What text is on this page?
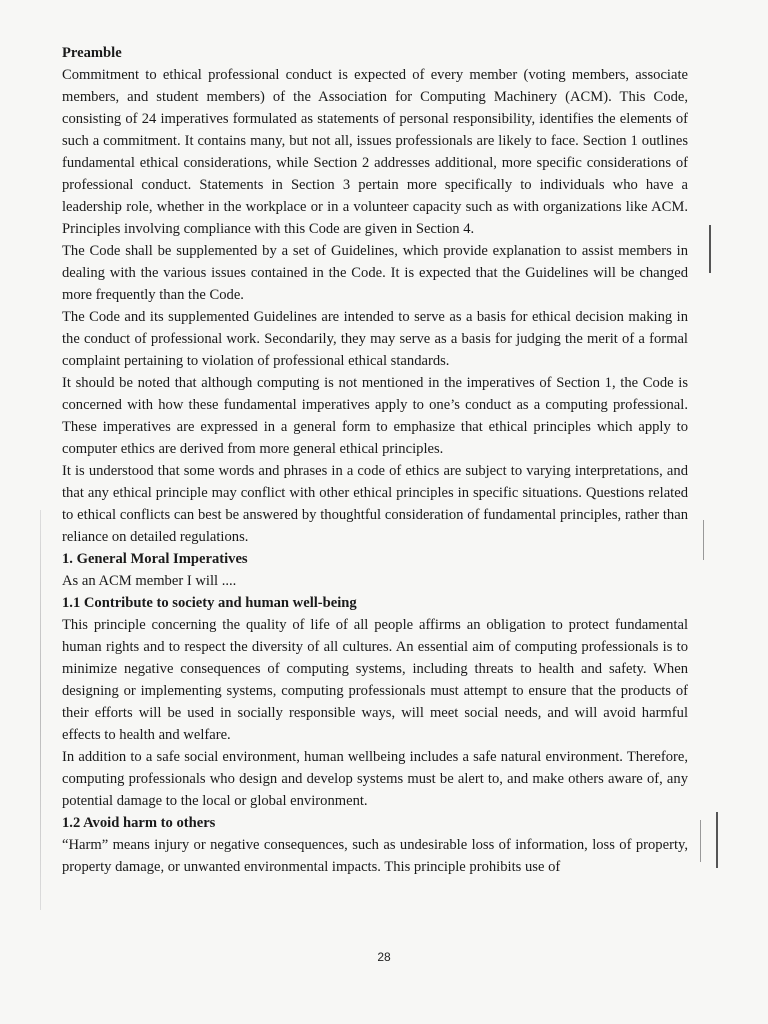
Preamble

Commitment to ethical professional conduct is expected of every member (voting members, associate members, and student members) of the Association for Computing Machinery (ACM). This Code, consisting of 24 imperatives formulated as statements of personal responsibility, identifies the elements of such a commitment. It contains many, but not all, issues professionals are likely to face. Section 1 outlines fundamental ethical considerations, while Section 2 addresses additional, more specific considerations of professional conduct. Statements in Section 3 pertain more specifically to individuals who have a leadership role, whether in the workplace or in a volunteer capacity such as with organizations like ACM. Principles involving compliance with this Code are given in Section 4.

The Code shall be supplemented by a set of Guidelines, which provide explanation to assist members in dealing with the various issues contained in the Code. It is expected that the Guidelines will be changed more frequently than the Code.

The Code and its supplemented Guidelines are intended to serve as a basis for ethical decision making in the conduct of professional work. Secondarily, they may serve as a basis for judging the merit of a formal complaint pertaining to violation of professional ethical standards.

It should be noted that although computing is not mentioned in the imperatives of Section 1, the Code is concerned with how these fundamental imperatives apply to one’s conduct as a computing professional. These imperatives are expressed in a general form to emphasize that ethical principles which apply to computer ethics are derived from more general ethical principles.

It is understood that some words and phrases in a code of ethics are subject to varying interpretations, and that any ethical principle may conflict with other ethical principles in specific situations. Questions related to ethical conflicts can best be answered by thoughtful consideration of fundamental principles, rather than reliance on detailed regulations.

1. General Moral Imperatives
As an ACM member I will ....
1.1 Contribute to society and human well-being

This principle concerning the quality of life of all people affirms an obligation to protect fundamental human rights and to respect the diversity of all cultures. An essential aim of computing professionals is to minimize negative consequences of computing systems, including threats to health and safety. When designing or implementing systems, computing professionals must attempt to ensure that the products of their efforts will be used in socially responsible ways, will meet social needs, and will avoid harmful effects to health and welfare.

In addition to a safe social environment, human wellbeing includes a safe natural environment. Therefore, computing professionals who design and develop systems must be alert to, and make others aware of, any potential damage to the local or global environment.

1.2 Avoid harm to others

“Harm” means injury or negative consequences, such as undesirable loss of information, loss of property, property damage, or unwanted environmental impacts. This principle prohibits use of

28
